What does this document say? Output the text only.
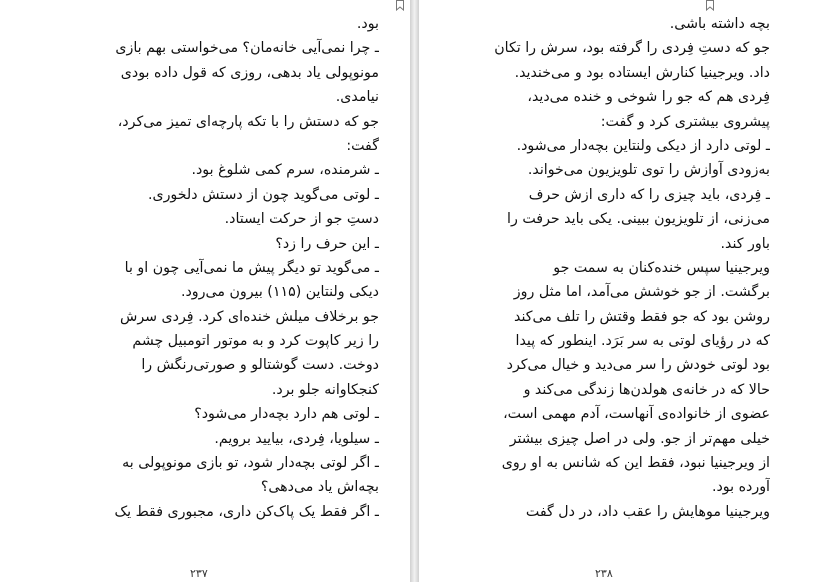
بود.
ـ چرا نمی‌آیی خانه‌مان؟ می‌خواستی بهم بازی
مونوپولی یاد بدهی، روزی که قول داده بودی
نیامدی.
جو که دستش را با تکه پارچه‌ای تمیز می‌کرد،
گفت:
ـ شرمنده، سرم کمی شلوغ بود.
ـ لوتی می‌گوید چون از دستش دلخوری.
دستِ جو از حرکت ایستاد.
ـ این حرف را زد؟
ـ می‌گوید تو دیگر پیش ما نمی‌آیی چون او با
دیکی ولنتاین (۱۱۵) بیرون می‌رود.
جو برخلاف میلش خنده‌ای کرد. فِردی سرش
را زیر کاپوت کرد و به موتور اتومبیل چشم
دوخت. دست گوشتالو و صورتی‌رنگش را
کنجکاوانه جلو برد.
ـ لوتی هم دارد بچه‌دار می‌شود؟
ـ سیلویا، فِردی، بیایید برویم.
ـ اگر لوتی بچه‌دار شود، تو بازی مونوپولی به
بچه‌اش یاد می‌دهی؟
ـ اگر فقط یک پاک‌کن داری، مجبوری فقط یک
۲۳۷
بچه داشته باشی.
جو که دستِ فِردی را گرفته بود، سرش را تکان
داد. ویرجینیا کنارش ایستاده بود و می‌خندید.
فِردی هم که جو را شوخی و خنده می‌دید،
پیشروی بیشتری کرد و گفت:
ـ لوتی دارد از دیکی ولنتاین بچه‌دار می‌شود.
به‌زودی آوازش را توی تلویزیون می‌خواند.
ـ فِردی، باید چیزی را که داری ازش حرف
می‌زنی، از تلویزیون ببینی. یکی باید حرفت را
باور کند.
ویرجینیا سپس خنده‌کنان به سمت جو
برگشت. از جو خوشش می‌آمد، اما مثل روز
روشن بود که جو فقط وقتش را تلف می‌کند
که در رؤیای لوتی به سر بَرَد. اینطور که پیدا
بود لوتی خودش را سر می‌دید و خیال می‌کرد
حالا که در خانه‌ی هولدن‌ها زندگی می‌کند و
عضوی از خانواده‌ی آنهاست، آدم مهمی است،
خیلی مهم‌تر از جو. ولی در اصل چیزی بیشتر
از ویرجینیا نبود، فقط این که شانس به او روی
آورده بود.
ویرجینیا موهایش را عقب داد، در دل گفت
۲۳۸
